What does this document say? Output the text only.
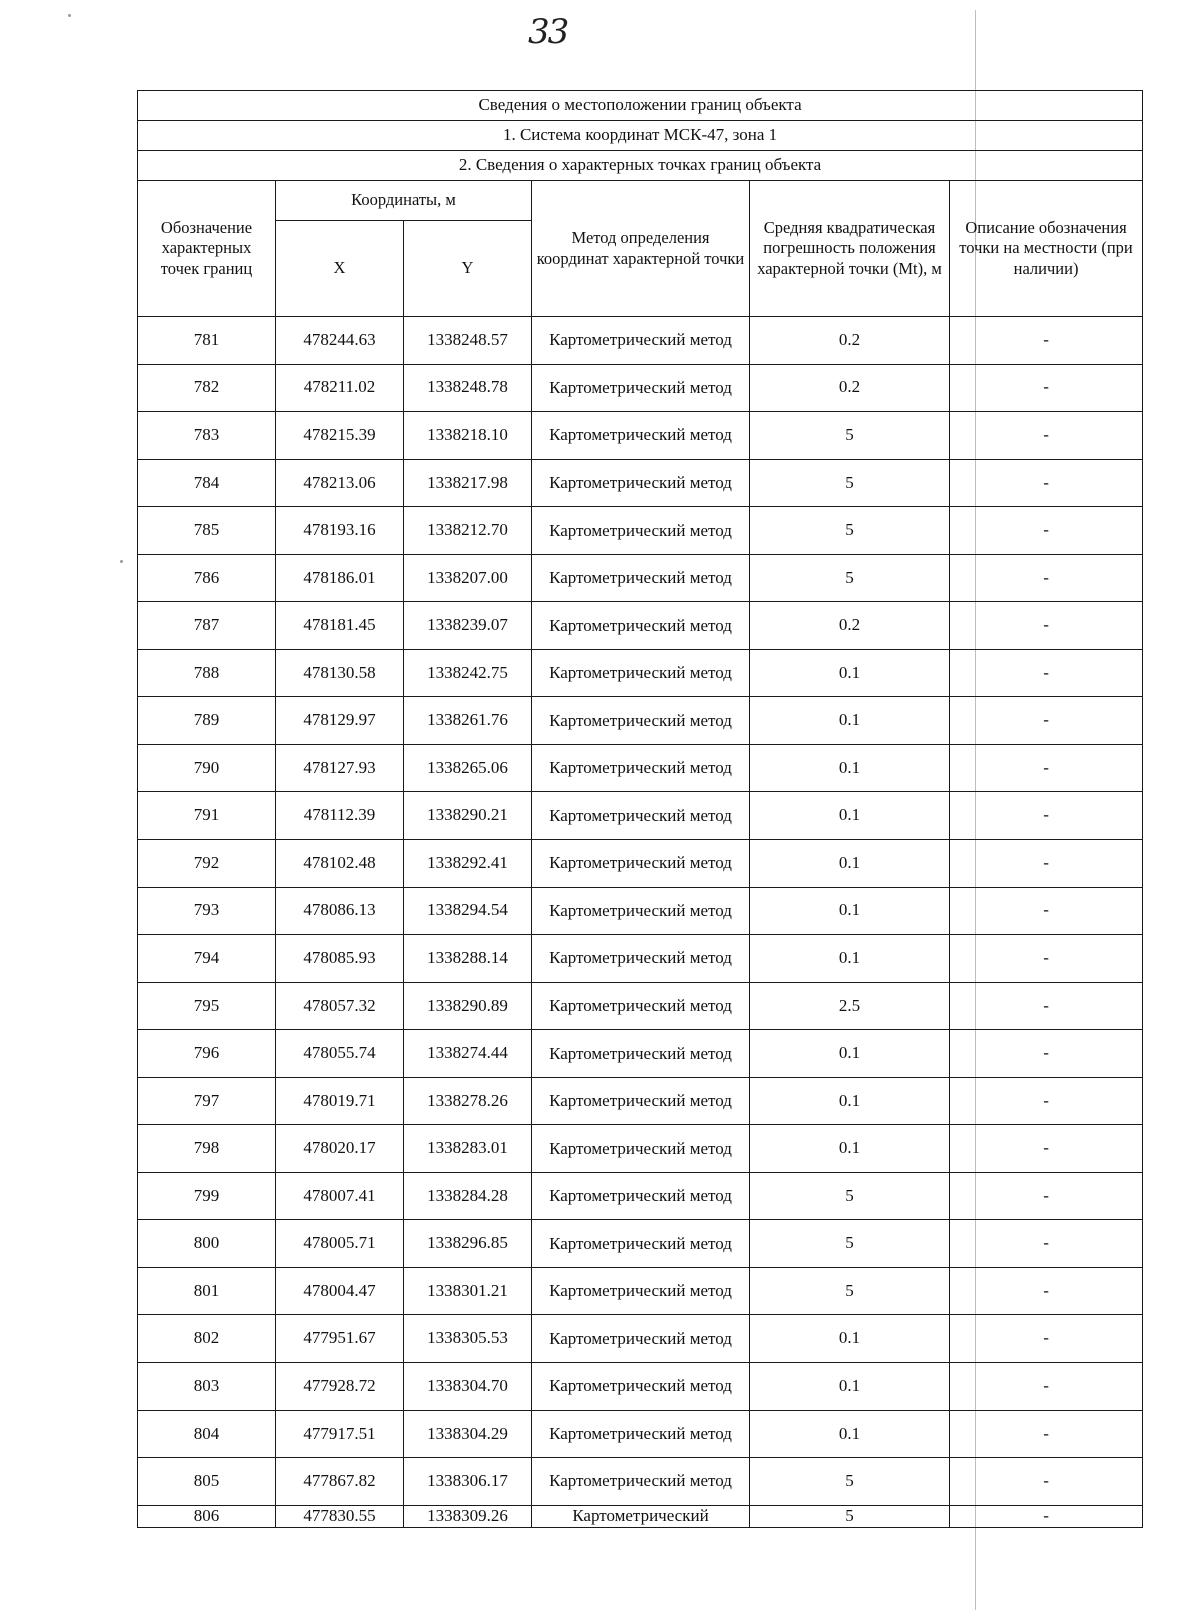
33
Сведения о местоположении границ объекта					
1. Система координат МСК-47, зона 1					
2. Сведения о характерных точках границ объекта					
Обозначение характерных точек границ	Координаты, м		Метод определения координат характерной точки	Средняя квадратическая погрешность положения характерной точки (Mt), м	Описание обозначения точки на местности (при наличии)
	X	Y			
781	478244.63	1338248.57	Картометрический метод	0.2	-
782	478211.02	1338248.78	Картометрический метод	0.2	-
783	478215.39	1338218.10	Картометрический метод	5	-
784	478213.06	1338217.98	Картометрический метод	5	-
785	478193.16	1338212.70	Картометрический метод	5	-
786	478186.01	1338207.00	Картометрический метод	5	-
787	478181.45	1338239.07	Картометрический метод	0.2	-
788	478130.58	1338242.75	Картометрический метод	0.1	-
789	478129.97	1338261.76	Картометрический метод	0.1	-
790	478127.93	1338265.06	Картометрический метод	0.1	-
791	478112.39	1338290.21	Картометрический метод	0.1	-
792	478102.48	1338292.41	Картометрический метод	0.1	-
793	478086.13	1338294.54	Картометрический метод	0.1	-
794	478085.93	1338288.14	Картометрический метод	0.1	-
795	478057.32	1338290.89	Картометрический метод	2.5	-
796	478055.74	1338274.44	Картометрический метод	0.1	-
797	478019.71	1338278.26	Картометрический метод	0.1	-
798	478020.17	1338283.01	Картометрический метод	0.1	-
799	478007.41	1338284.28	Картометрический метод	5	-
800	478005.71	1338296.85	Картометрический метод	5	-
801	478004.47	1338301.21	Картометрический метод	5	-
802	477951.67	1338305.53	Картометрический метод	0.1	-
803	477928.72	1338304.70	Картометрический метод	0.1	-
804	477917.51	1338304.29	Картометрический метод	0.1	-
805	477867.82	1338306.17	Картометрический метод	5	-
806	477830.55	1338309.26	Картометрический	5	-
